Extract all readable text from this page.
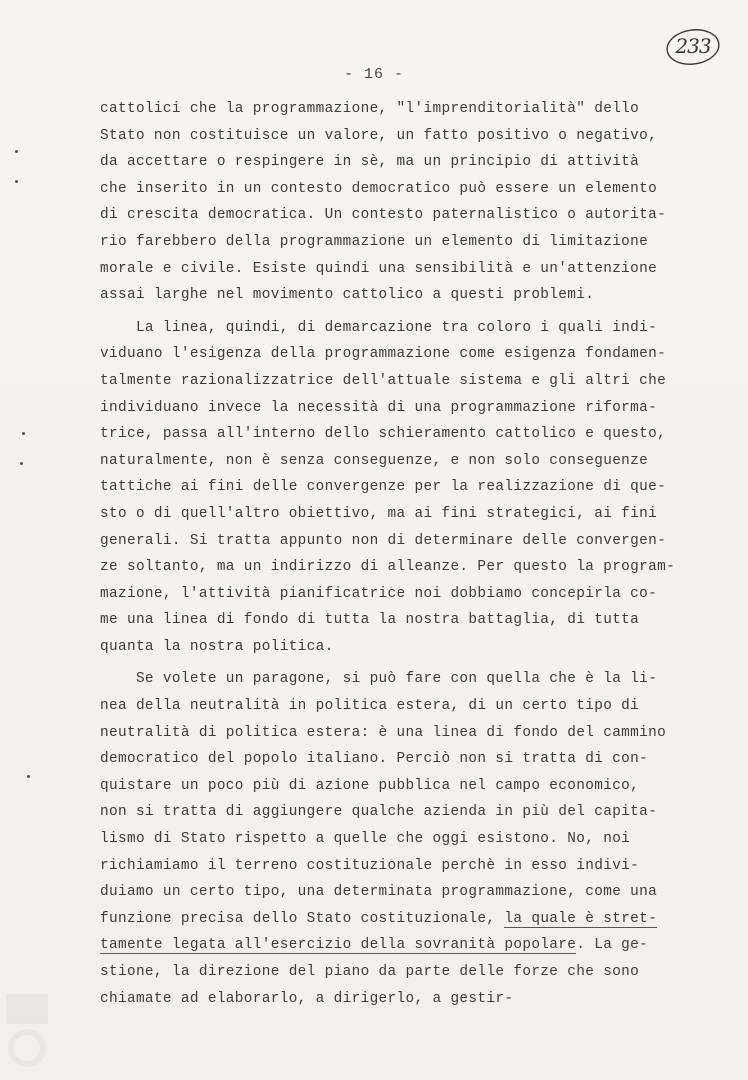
233
- 16 -
cattolici che la programmazione, "l'imprenditorialità" dello
Stato non costituisce un valore, un fatto positivo o negativo,
da accettare o respingere in sè, ma un principio di attività
che inserito in un contesto democratico può essere un elemento
di crescita democratica. Un contesto paternalistico o autorita-
rio farebbero della programmazione un elemento di limitazione
morale e civile. Esiste quindi una sensibilità e un'attenzione
assai larghe nel movimento cattolico a questi problemi.
La linea, quindi, di demarcazione tra coloro i quali indi-
viduano l'esigenza della programmazione come esigenza fondamen-
talmente razionalizzatrice dell'attuale sistema e gli altri che
individuano invece la necessità di una programmazione riforma-
trice, passa all'interno dello schieramento cattolico e questo,
naturalmente, non è senza conseguenze, e non solo conseguenze
tattiche ai fini delle convergenze per la realizzazione di que-
sto o di quell'altro obiettivo, ma ai fini strategici, ai fini
generali. Si tratta appunto non di determinare delle convergen-
ze soltanto, ma un indirizzo di alleanze. Per questo la program-
mazione, l'attività pianificatrice noi dobbiamo concepirla co-
me una linea di fondo di tutta la nostra battaglia, di tutta
quanta la nostra politica.
Se volete un paragone, si può fare con quella che è la li-
nea della neutralità in politica estera, di un certo tipo di
neutralità di politica estera: è una linea di fondo del cammino
democratico del popolo italiano. Perciò non si tratta di con-
quistare un poco più di azione pubblica nel campo economico,
non si tratta di aggiungere qualche azienda in più del capita-
lismo di Stato rispetto a quelle che oggi esistono. No, noi
richiamiamo il terreno costituzionale perchè in esso indivi-
duiamo un certo tipo, una determinata programmazione, come una
funzione precisa dello Stato costituzionale, la quale è stret-
tamente legata all'esercizio della sovranità popolare. La ge-
stione, la direzione del piano da parte delle forze che sono
chiamate ad elaborarlo, a dirigerlo, a gestir-
